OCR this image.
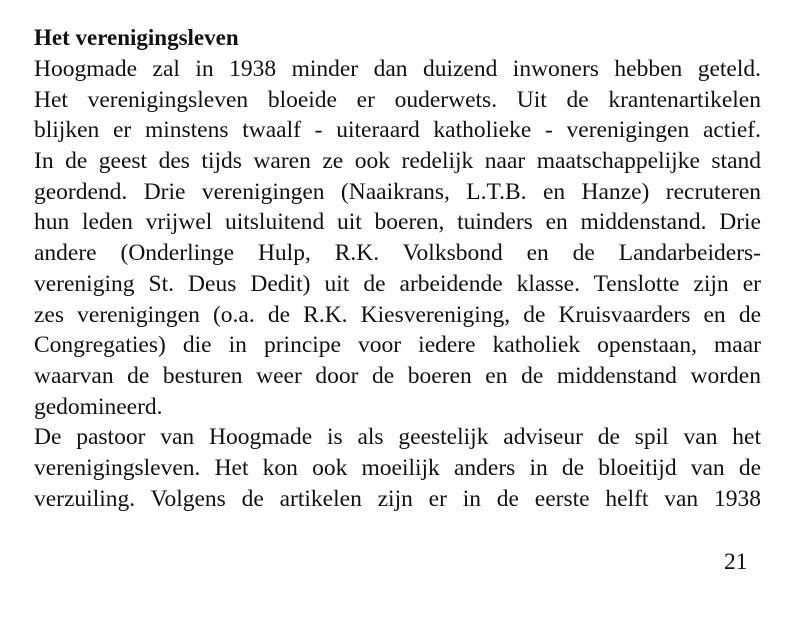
Het verenigingsleven
Hoogmade zal in 1938 minder dan duizend inwoners hebben geteld.
Het verenigingsleven bloeide er ouderwets. Uit de krantenartikelen
blijken er minstens twaalf - uiteraard katholieke - verenigingen actief.
In de geest des tijds waren ze ook redelijk naar maatschappelijke stand
geordend. Drie verenigingen (Naaikrans, L.T.B. en Hanze) recruteren
hun leden vrijwel uitsluitend uit boeren, tuinders en middenstand. Drie
andere (Onderlinge Hulp, R.K. Volksbond en de Landarbeiders-
vereniging St. Deus Dedit) uit de arbeidende klasse. Tenslotte zijn er
zes verenigingen (o.a. de R.K. Kiesvereniging, de Kruisvaarders en de
Congregaties) die in principe voor iedere katholiek openstaan, maar
waarvan de besturen weer door de boeren en de middenstand worden
gedomineerd.
De pastoor van Hoogmade is als geestelijk adviseur de spil van het
verenigingsleven. Het kon ook moeilijk anders in de bloeitijd van de
verzuiling. Volgens de artikelen zijn er in de eerste helft van 1938
21
